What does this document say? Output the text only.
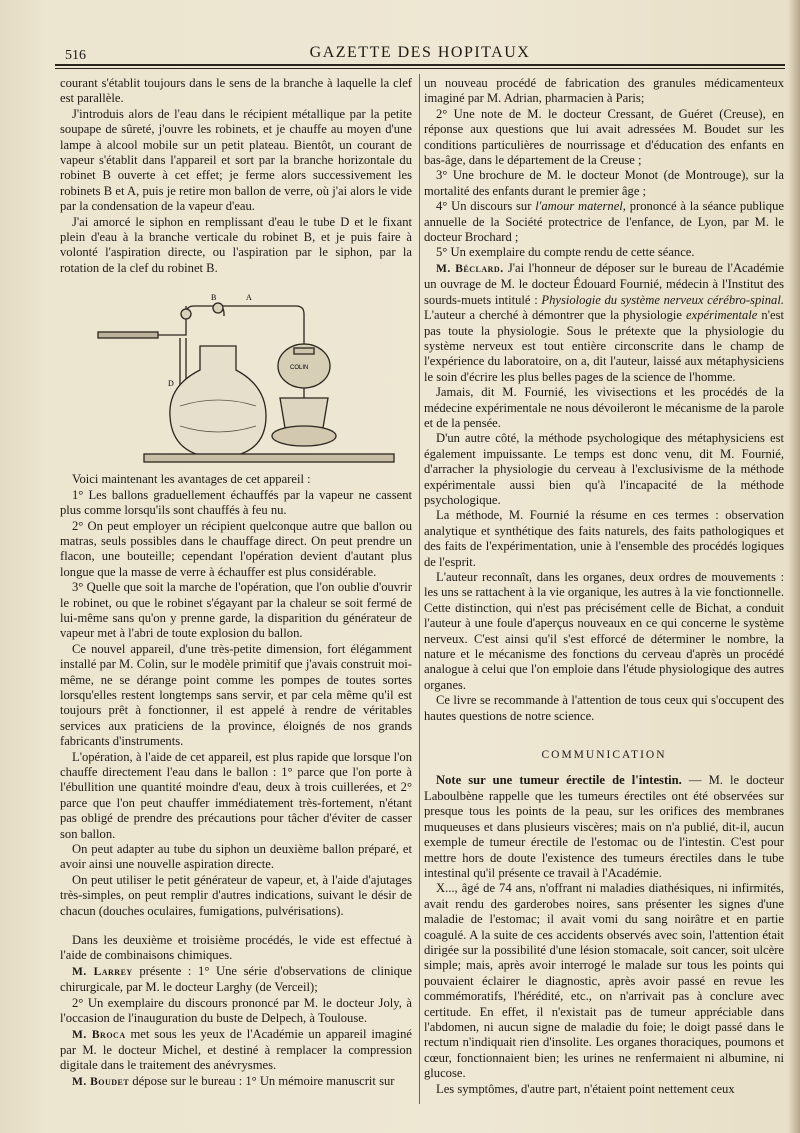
516	GAZETTE DES HOPITAUX

courant s'établit toujours dans le sens de la branche à laquelle la clef est parallèle.

J'introduis alors de l'eau dans le récipient métallique par la petite soupape de sûreté, j'ouvre les robinets, et je chauffe au moyen d'une lampe à alcool mobile sur un petit plateau. Bientôt, un courant de vapeur s'établit dans l'appareil et sort par la branche horizontale du robinet B ouverte à cet effet; je ferme alors successivement les robinets B et A, puis je retire mon ballon de verre, où j'ai alors le vide par la condensation de la vapeur d'eau.

J'ai amorcé le siphon en remplissant d'eau le tube D et le fixant plein d'eau à la branche verticale du robinet B, et je puis faire à volonté l'aspiration directe, ou l'aspiration par le siphon, par la rotation de la clef du robinet B.

B	A
D
COLIN

Voici maintenant les avantages de cet appareil :

1° Les ballons graduellement échauffés par la vapeur ne cassent plus comme lorsqu'ils sont chauffés à feu nu.

2° On peut employer un récipient quelconque autre que ballon ou matras, seuls possibles dans le chauffage direct. On peut prendre un flacon, une bouteille; cependant l'opération devient d'autant plus longue que la masse de verre à échauffer est plus considérable.

3° Quelle que soit la marche de l'opération, que l'on oublie d'ouvrir le robinet, ou que le robinet s'égayant par la chaleur se soit fermé de lui-même sans qu'on y prenne garde, la disparition du générateur de vapeur met à l'abri de toute explosion du ballon.

Ce nouvel appareil, d'une très-petite dimension, fort élégamment installé par M. Colin, sur le modèle primitif que j'avais construit moi-même, ne se dérange point comme les pompes de toutes sortes lorsqu'elles restent longtemps sans servir, et par cela même qu'il est toujours prêt à fonctionner, il est appelé à rendre de véritables services aux praticiens de la province, éloignés de nos grands fabricants d'instruments.

L'opération, à l'aide de cet appareil, est plus rapide que lorsque l'on chauffe directement l'eau dans le ballon : 1° parce que l'on porte à l'ébullition une quantité moindre d'eau, deux à trois cuillerées, et 2° parce que l'on peut chauffer immédiatement très-fortement, n'étant pas obligé de prendre des précautions pour tâcher d'éviter de casser son ballon.

On peut adapter au tube du siphon un deuxième ballon préparé, et avoir ainsi une nouvelle aspiration directe.

On peut utiliser le petit générateur de vapeur, et, à l'aide d'ajutages très-simples, on peut remplir d'autres indications, suivant le désir de chacun (douches oculaires, fumigations, pulvérisations).

Dans les deuxième et troisième procédés, le vide est effectué à l'aide de combinaisons chimiques.

M. Larrey présente : 1° Une série d'observations de clinique chirurgicale, par M. le docteur Larghy (de Verceil);

2° Un exemplaire du discours prononcé par M. le docteur Joly, à l'occasion de l'inauguration du buste de Delpech, à Toulouse.

M. Broca met sous les yeux de l'Académie un appareil imaginé par M. le docteur Michel, et destiné à remplacer la compression digitale dans le traitement des anévrysmes.

M. Boudet dépose sur le bureau : 1° Un mémoire manuscrit sur

un nouveau procédé de fabrication des granules médicamenteux imaginé par M. Adrian, pharmacien à Paris;

2° Une note de M. le docteur Cressant, de Guéret (Creuse), en réponse aux questions que lui avait adressées M. Boudet sur les conditions particulières de nourrissage et d'éducation des enfants en bas-âge, dans le département de la Creuse ;

3° Une brochure de M. le docteur Monot (de Montrouge), sur la mortalité des enfants durant le premier âge ;

4° Un discours sur l'amour maternel, prononcé à la séance publique annuelle de la Société protectrice de l'enfance, de Lyon, par M. le docteur Brochard ;

5° Un exemplaire du compte rendu de cette séance.

M. Béclard. J'ai l'honneur de déposer sur le bureau de l'Académie un ouvrage de M. le docteur Édouard Fournié, médecin à l'Institut des sourds-muets intitulé : Physiologie du système nerveux cérébro-spinal. L'auteur a cherché à démontrer que la physiologie expérimentale n'est pas toute la physiologie. Sous le prétexte que la physiologie du système nerveux est tout entière circonscrite dans le champ de l'expérience du laboratoire, on a, dit l'auteur, laissé aux métaphysiciens le soin d'écrire les plus belles pages de la science de l'homme.

Jamais, dit M. Fournié, les vivisections et les procédés de la médecine expérimentale ne nous dévoileront le mécanisme de la parole et de la pensée.

D'un autre côté, la méthode psychologique des métaphysiciens est également impuissante. Le temps est donc venu, dit M. Fournié, d'arracher la physiologie du cerveau à l'exclusivisme de la méthode expérimentale aussi bien qu'à l'incapacité de la méthode psychologique.

La méthode, M. Fournié la résume en ces termes : observation analytique et synthétique des faits naturels, des faits pathologiques et des faits de l'expérimentation, unie à l'ensemble des procédés logiques de l'esprit.

L'auteur reconnaît, dans les organes, deux ordres de mouvements : les uns se rattachent à la vie organique, les autres à la vie fonctionnelle. Cette distinction, qui n'est pas précisément celle de Bichat, a conduit l'auteur à une foule d'aperçus nouveaux en ce qui concerne le système nerveux. C'est ainsi qu'il s'est efforcé de déterminer le nombre, la nature et le mécanisme des fonctions du cerveau d'après un procédé analogue à celui que l'on emploie dans l'étude physiologique des autres organes.

Ce livre se recommande à l'attention de tous ceux qui s'occupent des hautes questions de notre science.

COMMUNICATION

Note sur une tumeur érectile de l'intestin. — M. le docteur Laboulbène rappelle que les tumeurs érectiles ont été observées sur presque tous les points de la peau, sur les orifices des membranes muqueuses et dans plusieurs viscères; mais on n'a publié, dit-il, aucun exemple de tumeur érectile de l'estomac ou de l'intestin. C'est pour mettre hors de doute l'existence des tumeurs érectiles dans le tube intestinal qu'il présente ce travail à l'Académie.

X..., âgé de 74 ans, n'offrant ni maladies diathésiques, ni infirmités, avait rendu des garderobes noires, sans présenter les signes d'une maladie de l'estomac; il avait vomi du sang noirâtre et en partie coagulé. A la suite de ces accidents observés avec soin, l'attention était dirigée sur la possibilité d'une lésion stomacale, soit cancer, soit ulcère simple; mais, après avoir interrogé le malade sur tous les points qui pouvaient éclairer le diagnostic, après avoir passé en revue les commémoratifs, l'hérédité, etc., on n'arrivait pas à conclure avec certitude. En effet, il n'existait pas de tumeur appréciable dans l'abdomen, ni aucun signe de maladie du foie; le doigt passé dans le rectum n'indiquait rien d'insolite. Les organes thoraciques, poumons et cœur, fonctionnaient bien; les urines ne renfermaient ni albumine, ni glucose.

Les symptômes, d'autre part, n'étaient point nettement ceux
